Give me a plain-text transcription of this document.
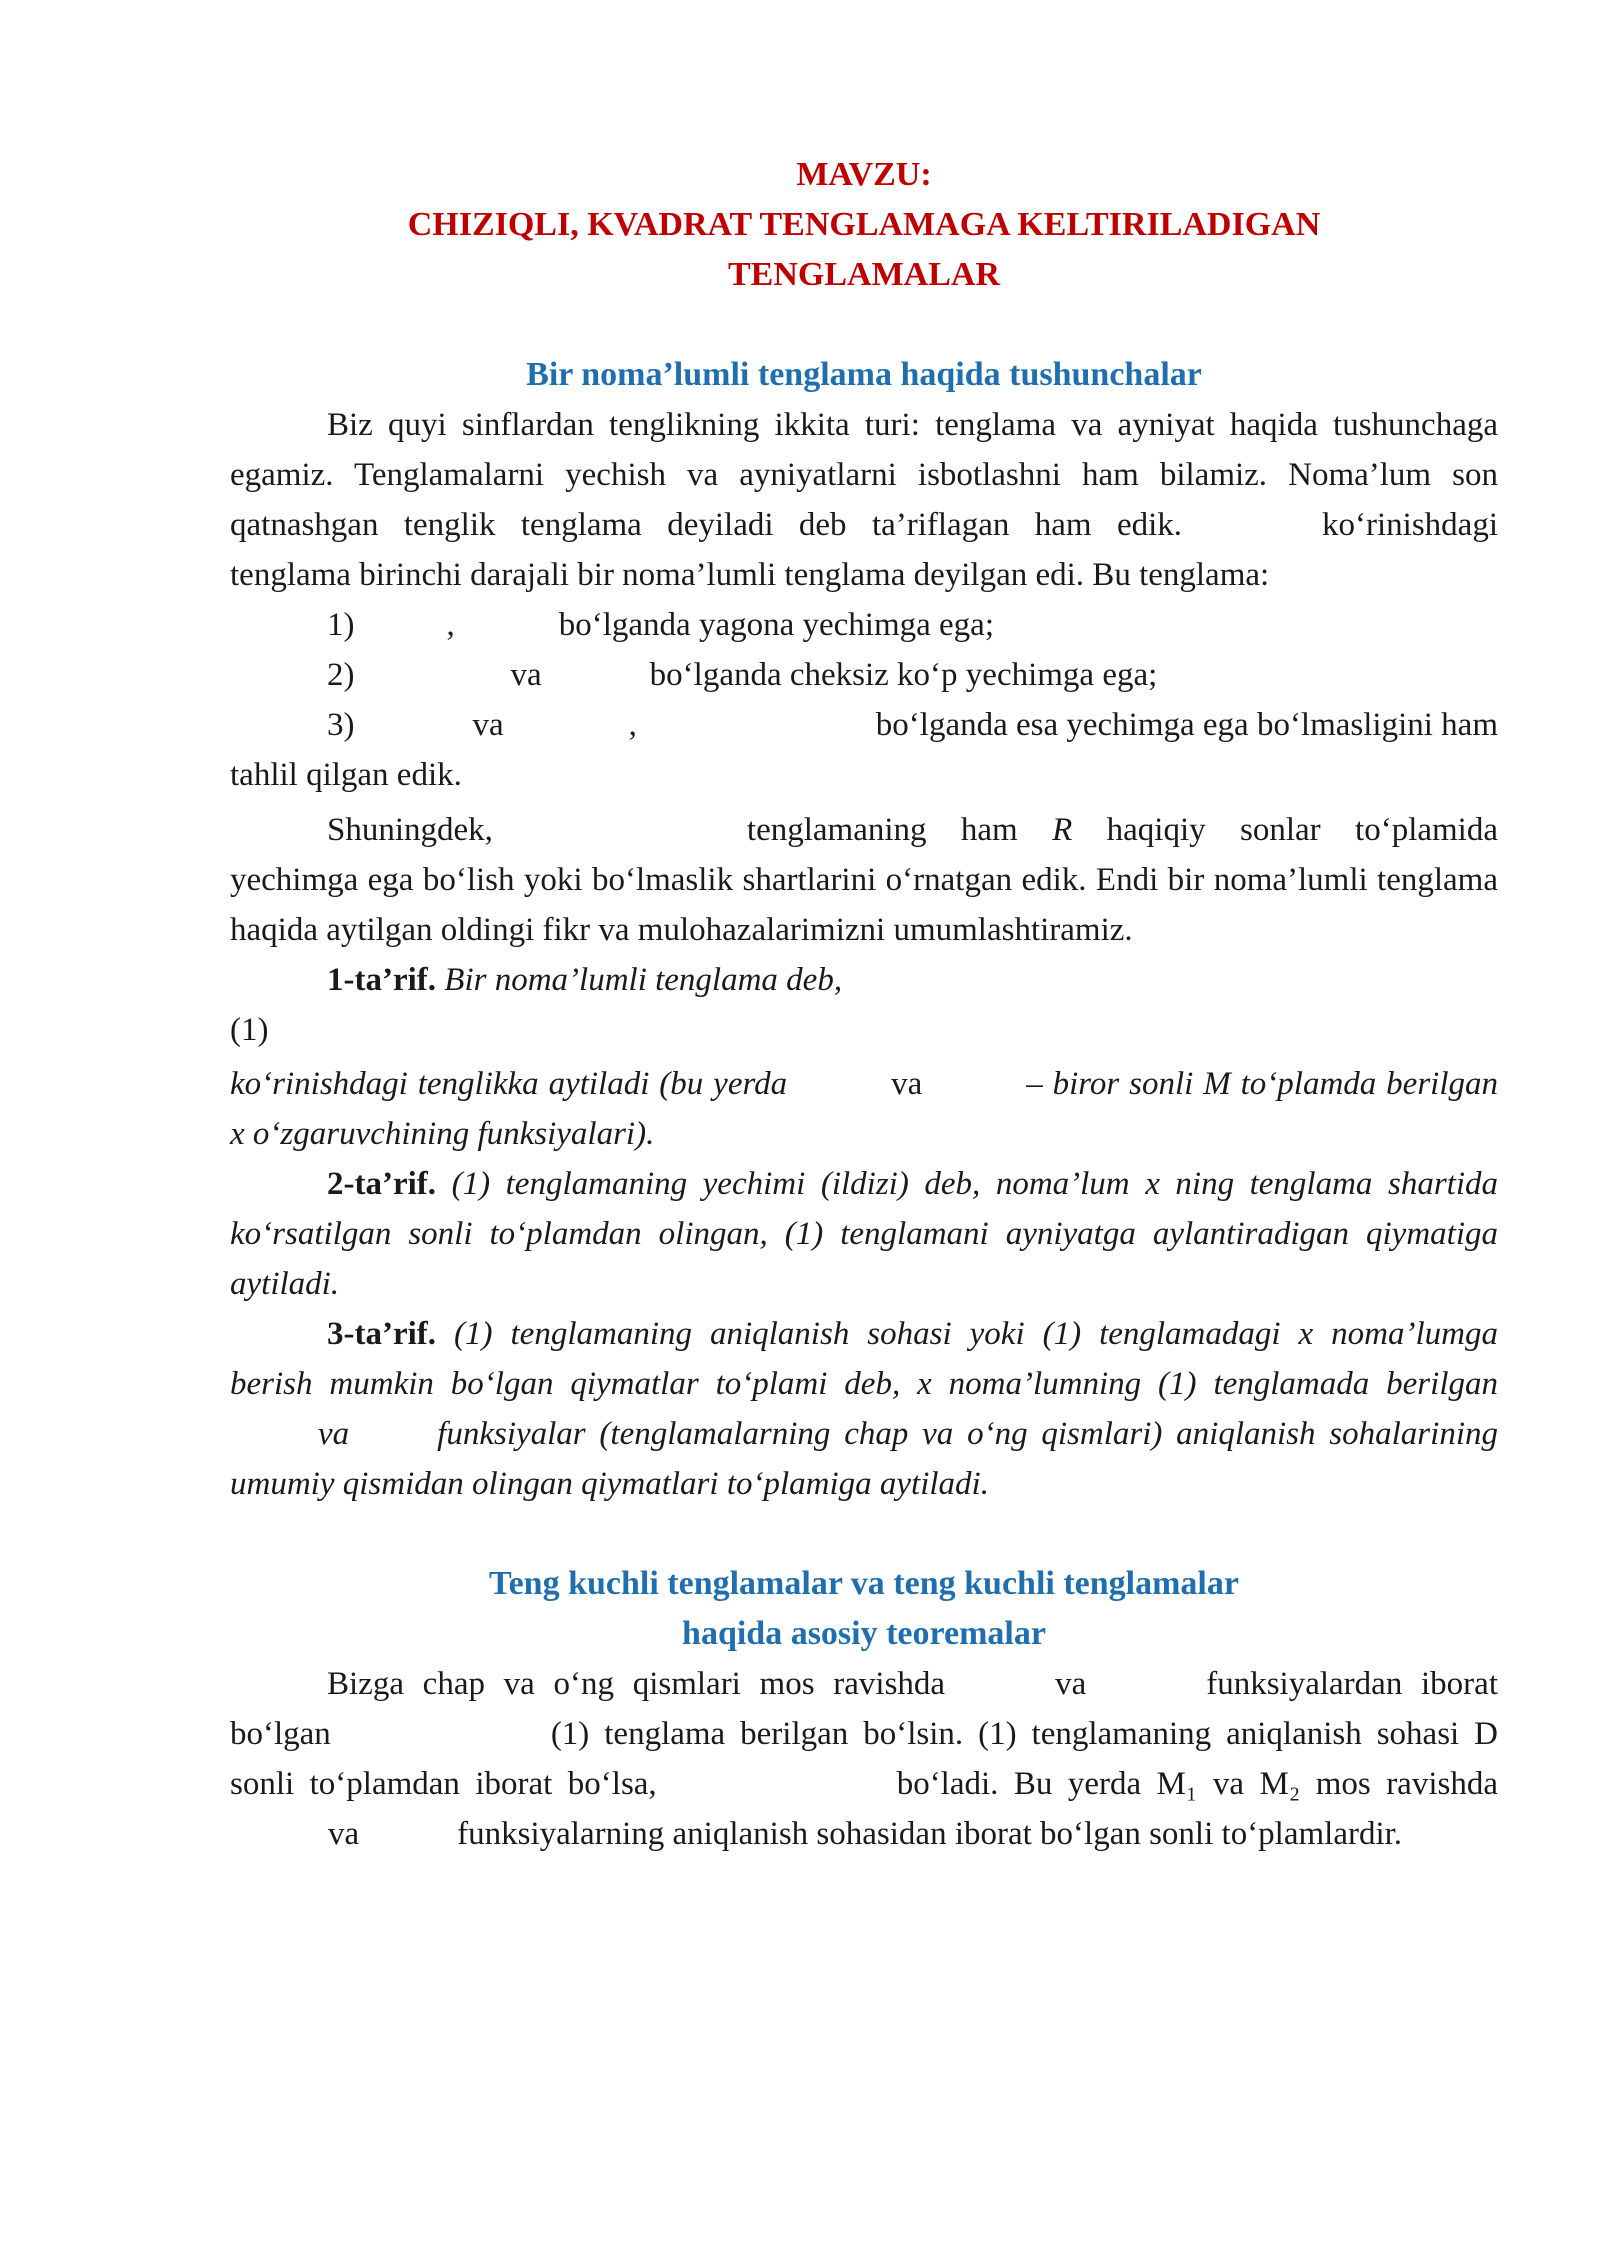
MAVZU:

CHIZIQLI, KVADRAT TENGLAMAGA KELTIRILADIGAN

TENGLAMALAR

Bir noma’lumli tenglama haqida tushunchalar

Biz quyi sinflardan tenglikning ikkita turi: tenglama va ayniyat haqida tushunchaga egamiz. Tenglamalarni yechish va ayniyatlarni isbotlashni ham bilamiz. Noma’lum son qatnashgan tenglik tenglama deyiladi deb ta’riflagan ham edik.	ko‘rinishdagi tenglama birinchi darajali bir noma’lumli tenglama deyilgan edi. Bu tenglama:

1)	,	bo‘lganda yagona yechimga ega;

2)	va	bo‘lganda cheksiz ko‘p yechimga ega;

3)	va	,	bo‘lganda esa yechimga ega bo‘lmasligini ham

tahlil qilgan edik.

Shuningdek,	tenglamaning ham R haqiqiy sonlar to‘plamida yechimga ega bo‘lish yoki bo‘lmaslik shartlarini o‘rnatgan edik. Endi bir noma’lumli tenglama haqida aytilgan oldingi fikr va mulohazalarimizni umumlashtiramiz.

1-ta’rif. Bir noma’lumli tenglama deb,

(1)

ko‘rinishdagi tenglikka aytiladi (bu yerda	va	– biror sonli M to‘plamda berilgan x o‘zgaruvchining funksiyalari).

2-ta’rif. (1) tenglamaning yechimi (ildizi) deb, noma’lum x ning tenglama shartida ko‘rsatilgan sonli to‘plamdan olingan, (1) tenglamani ayniyatga aylantiradigan qiymatiga aytiladi.

3-ta’rif. (1) tenglamaning aniqlanish sohasi yoki (1) tenglamadagi x noma’lumga berish mumkin bo‘lgan qiymatlar to‘plami deb, x noma’lumning (1) tenglamada berilganva	funksiyalar (tenglamalarning chap va o‘ng qismlari) aniqlanish sohalarining umumiy qismidan olingan qiymatlari to‘plamiga aytiladi.

Teng kuchli tenglamalar va teng kuchli tenglamalar

haqida asosiy teoremalar

Bizga chap va o‘ng qismlari mos ravishda	va	funksiyalardan iborat bo‘lgan	(1) tenglama berilgan bo‘lsin. (1) tenglamaning aniqlanish sohasi D sonli to‘plamdan iborat bo‘lsa,	bo‘ladi. Bu yerda M₁ va M₂ mos ravishdava	funksiyalarning aniqlanish sohasidan iborat bo‘lgan sonli to‘plamlardir.
